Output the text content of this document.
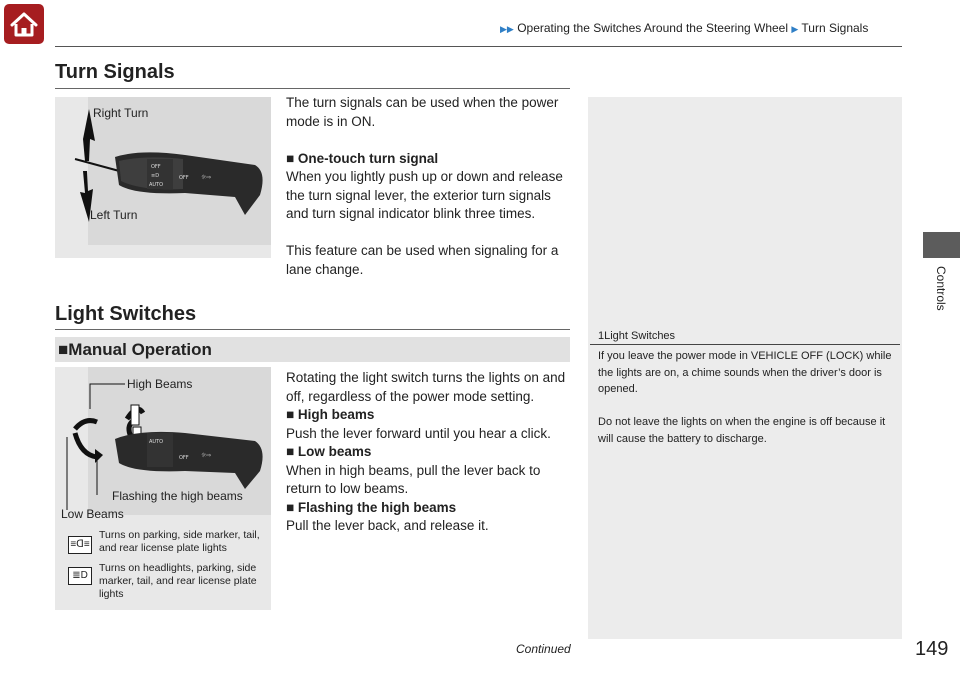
▶▶ Operating the Switches Around the Steering Wheel ▶ Turn Signals
Controls
Turn Signals
OFF
≡D
AUTO
OFF ☼⇨
Right Turn
Left Turn

The turn signals can be used when the power mode is in ON.

■ One-touch turn signal

When you lightly push up or down and release the turn signal lever, the exterior turn signals and turn signal indicator blink three times.

This feature can be used when signaling for a lane change.

Light Switches
■Manual Operation
AUTO
OFF ☼⇨
High Beams
Flashing the high beams
Low Beams
≡ᗡ≡
Turns on parking, side marker, tail, and rear license plate lights
≣D
Turns on headlights, parking, side marker, tail, and rear license plate lights

Rotating the light switch turns the lights on and off, regardless of the power mode setting.

■ High beams

Push the lever forward until you hear a click.

■ Low beams

When in high beams, pull the lever back to return to low beams.

■ Flashing the high beams

Pull the lever back, and release it.

1Light Switches

If you leave the power mode in VEHICLE OFF (LOCK) while the lights are on, a chime sounds when the driver’s door is opened.

Do not leave the lights on when the engine is off because it will cause the battery to discharge.

Continued	149
